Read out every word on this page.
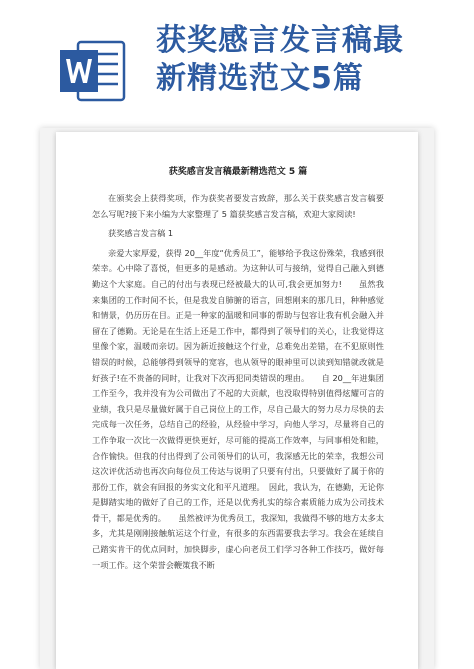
获奖感言发言稿最
新精选范文5篇
获奖感言发言稿最新精选范文 5 篇

在颁奖会上获得奖项，作为获奖者要发言致辞，那么关于获奖感言发言稿要怎么写呢?接下来小编为大家整理了 5 篇获奖感言发言稿，欢迎大家阅读!

获奖感言发言稿 1

亲爱大家厚爱，获得 20__年度“优秀员工”，能够给予我这份殊荣，我感到很荣幸。心中除了喜悦，但更多的是感动。为这种认可与接纳，觉得自己融入到德勤这个大家庭。自己的付出与表现已经被最大的认可,我会更加努力!　　虽然我来集团的工作时间不长，但是我发自肺腑的语言，回想刚来的那几日，种种感觉和情景，仍历历在目。正是一种家的温暖和同事的帮助与包容让我有机会融入并留在了德勤。无论是在生活上还是工作中，都得到了领导们的关心，让我觉得这里像个家，温暖而亲切。因为新近接触这个行业，总难免出差错，在不犯原则性错误的时候，总能够得到领导的宽容，也从领导的眼神里可以读到知错就改就是好孩子!在不贵备的同时，让我对下次再犯同类错误的理由。　　自 20__年进集团工作至今，我并没有为公司做出了不起的大贡献，也没取得特别值得炫耀可言的业绩，我只是尽量做好属于自己岗位上的工作，尽自己最大的努力尽力尽快的去完成每一次任务，总结自己的经验，从经验中学习，向他人学习，尽量将自己的工作争取一次比一次做得更快更好，尽可能的提高工作效率，与同事相处和睦，合作愉快。但我的付出得到了公司领导们的认可，我深感无比的荣幸，我想公司这次评优活动也再次向每位员工传达与说明了只要有付出，只要做好了属于你的那份工作，就会有回报的务实文化和平凡道理。　因此，我认为，在德勤，无论你是脚踏实地的做好了自己的工作，还是以优秀扎实的综合素质能力成为公司技术骨干，都是优秀的。　　虽然被评为优秀员工，我深知，我做得不够的地方太多太多，尤其是刚刚接触航运这个行业，有很多的东西需要我去学习。我会在延续自己踏实肯干的优点同时，加快脚步，虚心向老员工们学习各种工作技巧，做好每一项工作。这个荣誉会鞭策我不断
